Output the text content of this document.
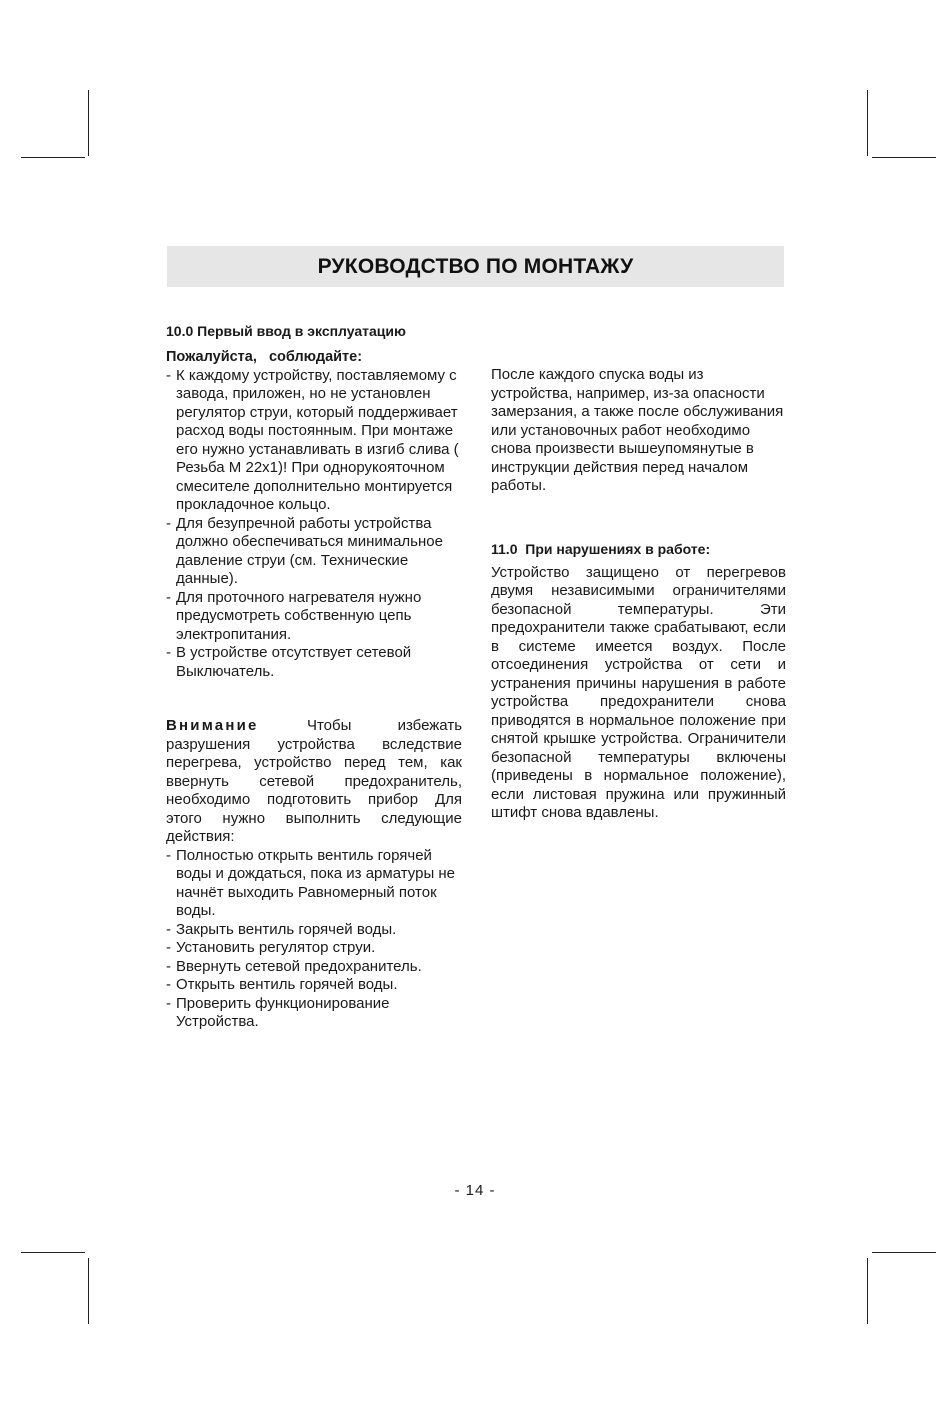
РУКОВОДСТВО ПО МОНТАЖУ

10.0 Первый ввод в эксплуатацию

Пожалуйста,   соблюдайте:

- К каждому устройству, поставляемому с завода, приложен, но не установлен регулятор струи, который поддерживает расход воды постоянным. При монтаже его нужно устанавливать в изгиб слива ( Резьба M 22x1)! При однорукояточном смесителе дополнительно монтируется прокладочное кольцо.
- Для безупречной работы устройства должно обеспечиваться минимальное давление струи (см. Технические данные).
- Для проточного нагревателя нужно предусмотреть собственную цепь электропитания.
- В устройстве отсутствует сетевой Выключатель.

Внимание Чтобы избежать разрушения устройства вследствие перегрева, устройство перед тем, как ввернуть сетевой предохранитель, необходимо подготовить прибор Для этого нужно выполнить следующие действия:

- Полностью открыть вентиль горячей воды и дождаться, пока из арматуры не начнёт выходить Равномерный поток воды.
- Закрыть вентиль горячей воды.
- Установить регулятор струи.
- Ввернуть сетевой предохранитель.
- Открыть вентиль горячей воды.
- Проверить функционирование Устройства.

После каждого спуска воды из устройства, например, из-за опасности замерзания, а также после обслуживания или установочных работ необходимо снова произвести вышеупомянутые в инструкции действия перед началом работы.

11.0  При нарушениях в работе:

Устройство защищено от перегревов двумя независимыми ограничителями безопасной температуры. Эти предохранители также срабатывают, если в системе имеется воздух. После отсоединения устройства от сети и устранения причины нарушения в работе устройства предохранители снова приводятся в нормальное положение при снятой крышке устройства. Ограничители безопасной температуры включены (приведены в нормальное положение), если листовая пружина или пружинный штифт снова вдавлены.

- 14 -
